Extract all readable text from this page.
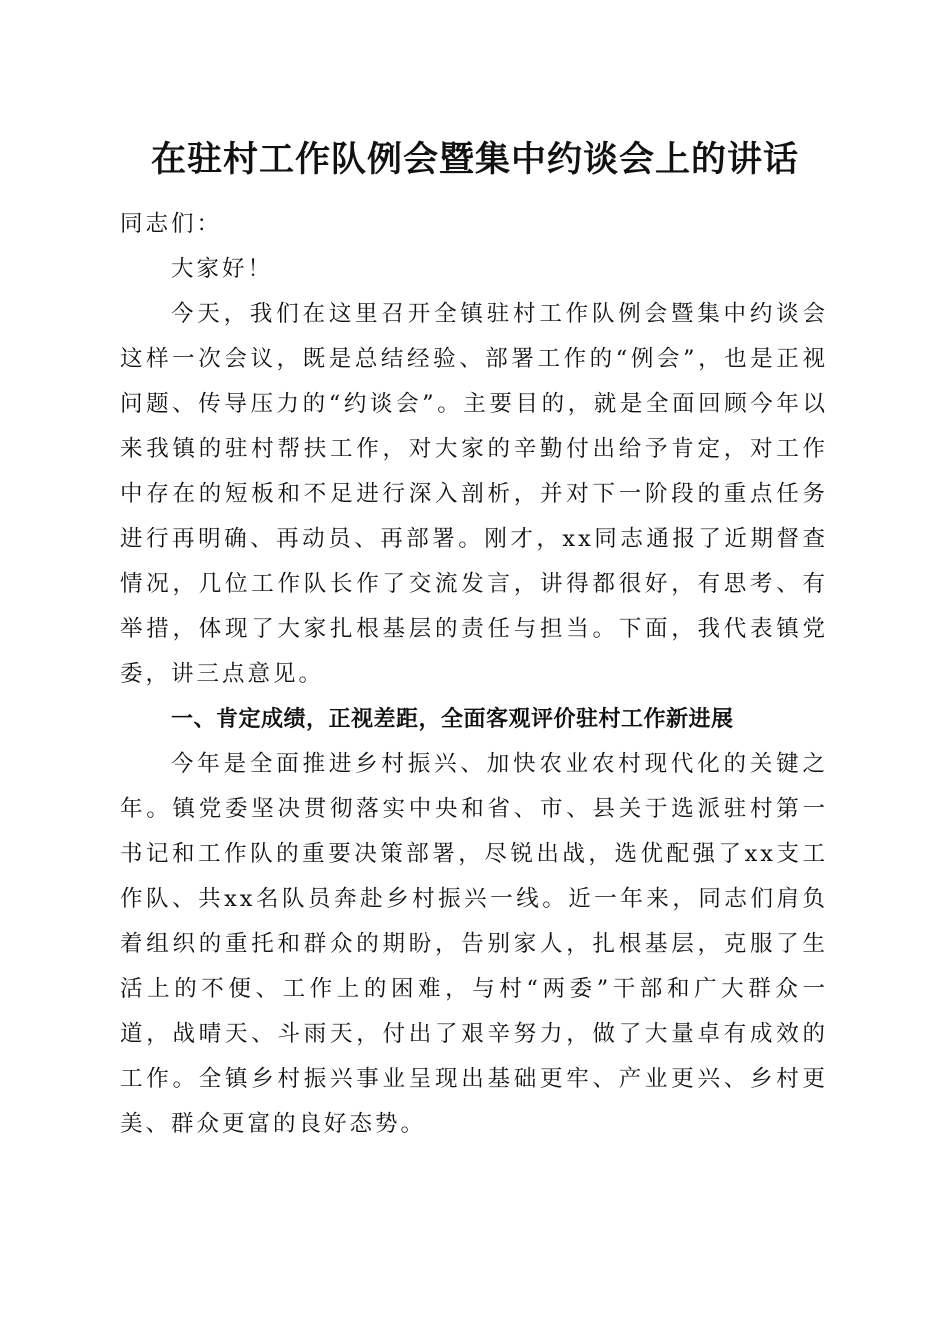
在驻村工作队例会暨集中约谈会上的讲话

同志们：

大家好！

今天，我们在这里召开全镇驻村工作队例会暨集中约谈会这样一次会议，既是总结经验、部署工作的“例会”，也是正视问题、传导压力的“约谈会”。主要目的，就是全面回顾今年以来我镇的驻村帮扶工作，对大家的辛勤付出给予肯定，对工作中存在的短板和不足进行深入剖析，并对下一阶段的重点任务进行再明确、再动员、再部署。刚才，xx同志通报了近期督查情况，几位工作队长作了交流发言，讲得都很好，有思考、有举措，体现了大家扎根基层的责任与担当。下面，我代表镇党委，讲三点意见。

一、肯定成绩，正视差距，全面客观评价驻村工作新进展

今年是全面推进乡村振兴、加快农业农村现代化的关键之年。镇党委坚决贯彻落实中央和省、市、县关于选派驻村第一书记和工作队的重要决策部署，尽锐出战，选优配强了xx支工作队、共xx名队员奔赴乡村振兴一线。近一年来，同志们肩负着组织的重托和群众的期盼，告别家人，扎根基层，克服了生活上的不便、工作上的困难，与村“两委”干部和广大群众一道，战晴天、斗雨天，付出了艰辛努力，做了大量卓有成效的工作。全镇乡村振兴事业呈现出基础更牢、产业更兴、乡村更美、群众更富的良好态势。
